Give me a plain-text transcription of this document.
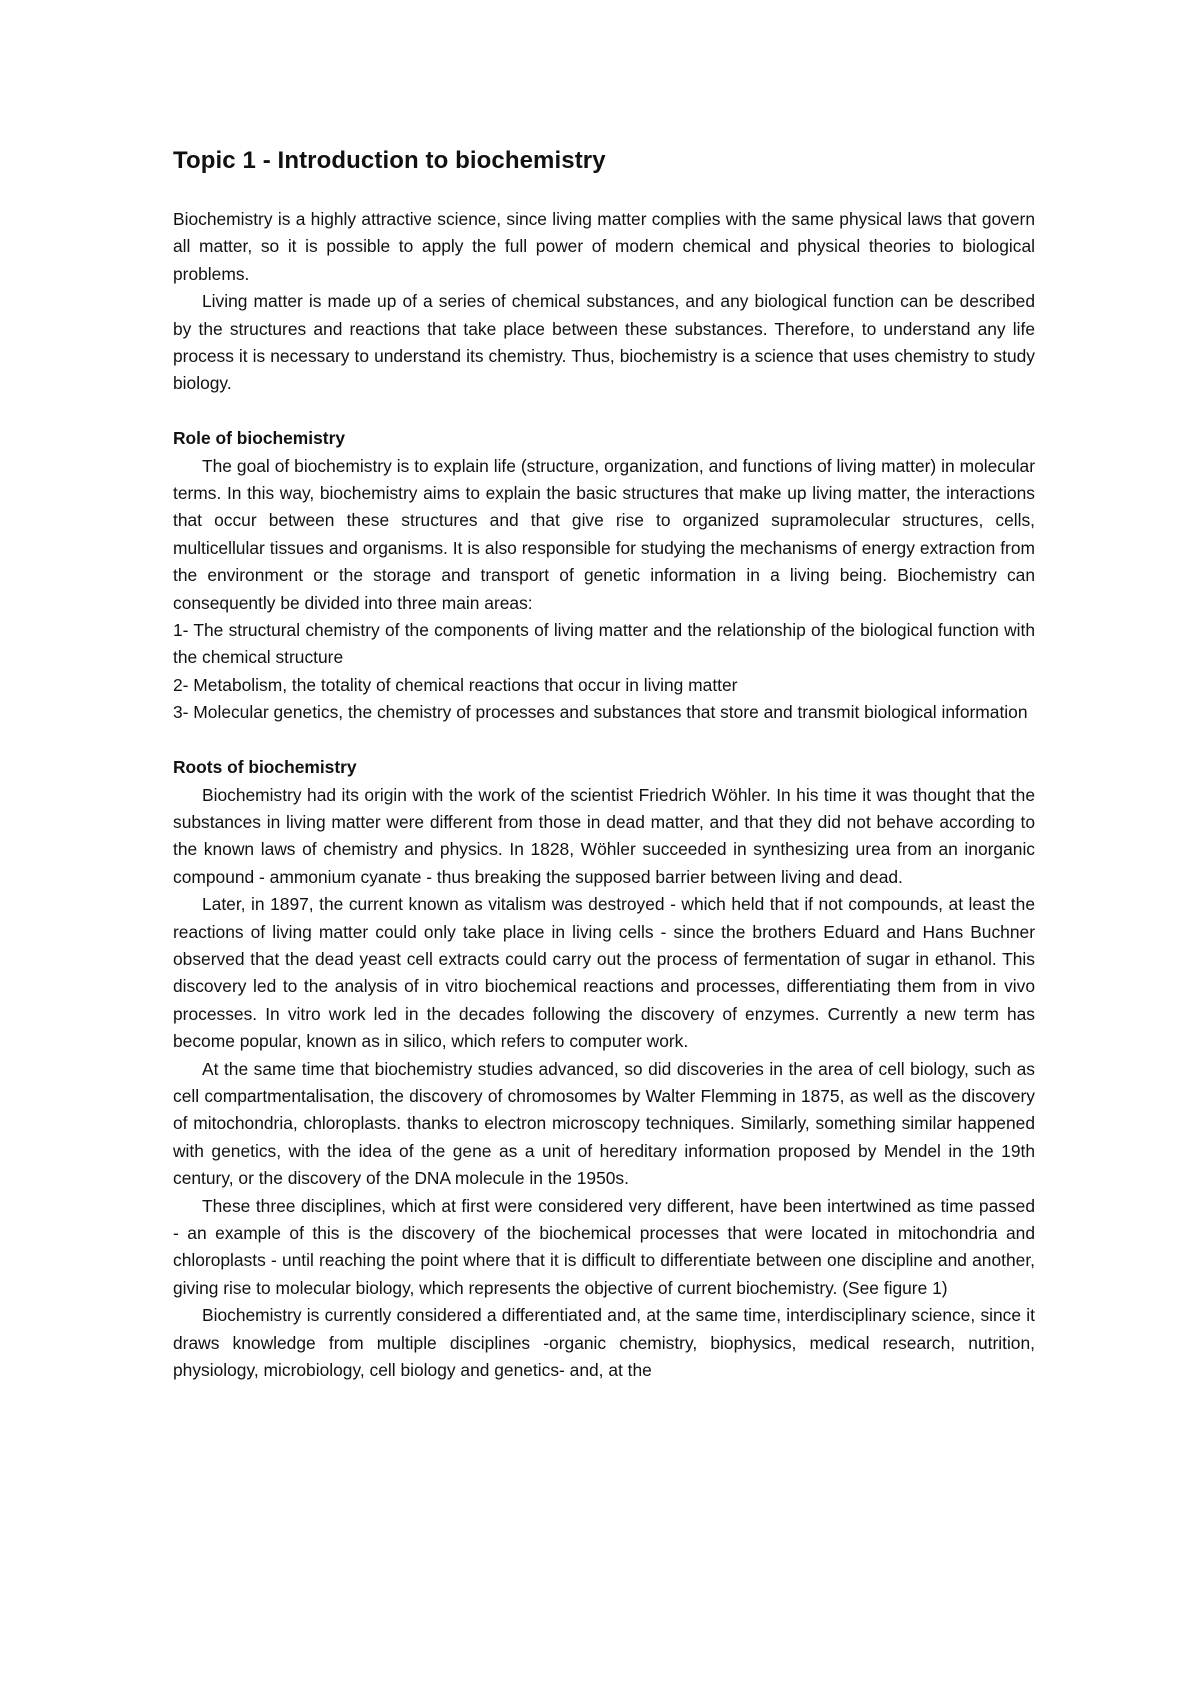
Topic 1 - Introduction to biochemistry

Biochemistry is a highly attractive science, since living matter complies with the same physical laws that govern all matter, so it is possible to apply the full power of modern chemical and physical theories to biological problems.

Living matter is made up of a series of chemical substances, and any biological function can be described by the structures and reactions that take place between these substances. Therefore, to understand any life process it is necessary to understand its chemistry. Thus, biochemistry is a science that uses chemistry to study biology.

Role of biochemistry

The goal of biochemistry is to explain life (structure, organization, and functions of living matter) in molecular terms. In this way, biochemistry aims to explain the basic structures that make up living matter, the interactions that occur between these structures and that give rise to organized supramolecular structures, cells, multicellular tissues and organisms. It is also responsible for studying the mechanisms of energy extraction from the environment or the storage and transport of genetic information in a living being. Biochemistry can consequently be divided into three main areas:

1- The structural chemistry of the components of living matter and the relationship of the biological function with the chemical structure

2- Metabolism, the totality of chemical reactions that occur in living matter

3- Molecular genetics, the chemistry of processes and substances that store and transmit biological information

Roots of biochemistry

Biochemistry had its origin with the work of the scientist Friedrich Wöhler. In his time it was thought that the substances in living matter were different from those in dead matter, and that they did not behave according to the known laws of chemistry and physics. In 1828, Wöhler succeeded in synthesizing urea from an inorganic compound - ammonium cyanate - thus breaking the supposed barrier between living and dead.

Later, in 1897, the current known as vitalism was destroyed - which held that if not compounds, at least the reactions of living matter could only take place in living cells - since the brothers Eduard and Hans Buchner observed that the dead yeast cell extracts could carry out the process of fermentation of sugar in ethanol. This discovery led to the analysis of in vitro biochemical reactions and processes, differentiating them from in vivo processes. In vitro work led in the decades following the discovery of enzymes. Currently a new term has become popular, known as in silico, which refers to computer work.

At the same time that biochemistry studies advanced, so did discoveries in the area of cell biology, such as cell compartmentalisation, the discovery of chromosomes by Walter Flemming in 1875, as well as the discovery of mitochondria, chloroplasts. thanks to electron microscopy techniques. Similarly, something similar happened with genetics, with the idea of the gene as a unit of hereditary information proposed by Mendel in the 19th century, or the discovery of the DNA molecule in the 1950s.

These three disciplines, which at first were considered very different, have been intertwined as time passed - an example of this is the discovery of the biochemical processes that were located in mitochondria and chloroplasts - until reaching the point where that it is difficult to differentiate between one discipline and another, giving rise to molecular biology, which represents the objective of current biochemistry. (See figure 1)

Biochemistry is currently considered a differentiated and, at the same time, interdisciplinary science, since it draws knowledge from multiple disciplines -organic chemistry, biophysics, medical research, nutrition, physiology, microbiology, cell biology and genetics- and, at the
